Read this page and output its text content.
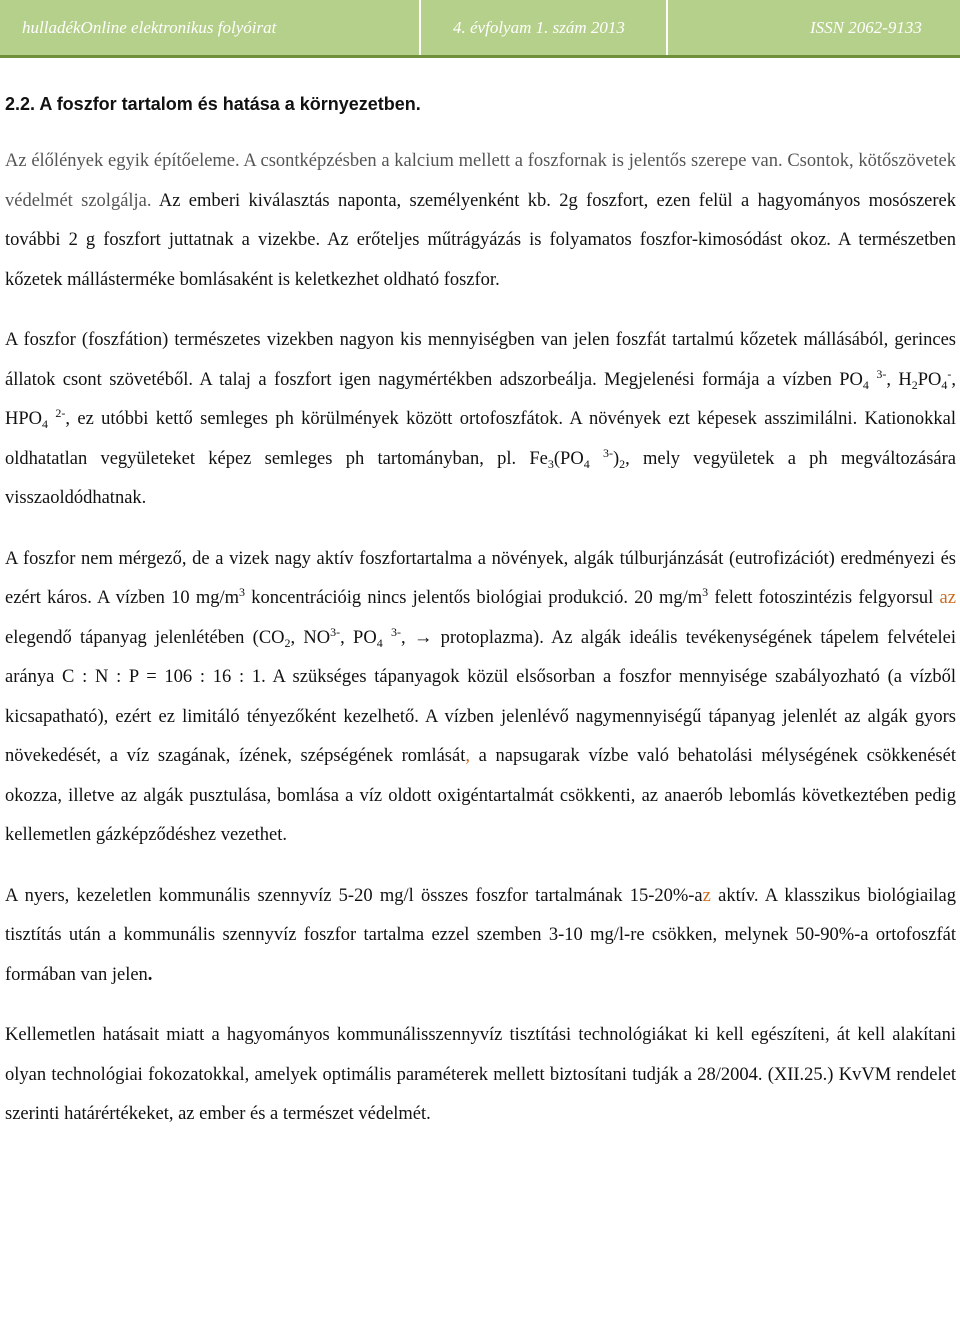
hulladékOnline elektronikus folyóirat	4. évfolyam 1. szám 2013	ISSN 2062-9133
2.2. A foszfor tartalom és hatása a környezetben.

Az élőlények egyik építőeleme. A csontképzésben a kalcium mellett a foszfornak is jelentős szerepe van. Csontok, kötőszövetek védelmét szolgálja. Az emberi kiválasztás naponta, személyenként kb. 2g foszfort, ezen felül a hagyományos mosószerek további 2 g foszfort juttatnak a vizekbe. Az erőteljes műtrágyázás is folyamatos foszfor-kimosódást okoz. A természetben kőzetek mállásterméke bomlásaként is keletkezhet oldható foszfor.

A foszfor (foszfátion) természetes vizekben nagyon kis mennyiségben van jelen foszfát tartalmú kőzetek mállásából, gerinces állatok csont szövetéből. A talaj a foszfort igen nagymértékben adszorbeálja. Megjelenési formája a vízben $PO_4$ $^{3-}$, $H_2PO_4^-$, $HPO_4$ $^{2-}$, ez utóbbi kettő semleges ph körülmények között ortofoszfátok. A növények ezt képesek asszimilálni. Kationokkal oldhatatlan vegyületeket képez semleges ph tartományban, pl. $Fe_3(PO_4$ $^{3-})_2$, mely vegyületek a ph megváltozására visszaoldódhatnak.

A foszfor nem mérgező, de a vizek nagy aktív foszfortartalma a növények, algák túlburjánzását (eutrofizációt) eredményezi és ezért káros. A vízben 10 $mg/m^3$ koncentrációig nincs jelentős biológiai produkció. 20 $mg/m^3$ felett fotoszintézis felgyorsul az elegendő tápanyag jelenlétében ($CO_2$, $NO^{3-}$, $PO_4$ $^{3-}$, → protoplazma). Az algák ideális tevékenységének tápelem felvételei aránya C : N : P = 106 : 16 : 1. A szükséges tápanyagok közül elsősorban a foszfor mennyisége szabályozható (a vízből kicsapatható), ezért ez limitáló tényezőként kezelhető. A vízben jelenlévő nagymennyiségű tápanyag jelenlét az algák gyors növekedését, a víz szagának, ízének, szépségének romlását, a napsugarak vízbe való behatolási mélységének csökkenését okozza, illetve az algák pusztulása, bomlása a víz oldott oxigéntartalmát csökkenti, az anaerób lebomlás következtében pedig kellemetlen gázképződéshez vezethet.

A nyers, kezeletlen kommunális szennyvíz 5-20 mg/l összes foszfor tartalmának 15-20%-az aktív. A klasszikus biológiailag tisztítás után a kommunális szennyvíz foszfor tartalma ezzel szemben 3-10 mg/l-re csökken, melynek 50-90%-a ortofoszfát formában van jelen.

Kellemetlen hatásait miatt a hagyományos kommunálisszennyvíz tisztítási technológiákat ki kell egészíteni, át kell alakítani olyan technológiai fokozatokkal, amelyek optimális paraméterek mellett biztosítani tudják a 28/2004. (XII.25.) KvVM rendelet szerinti határértékeket, az ember és a természet védelmét.
